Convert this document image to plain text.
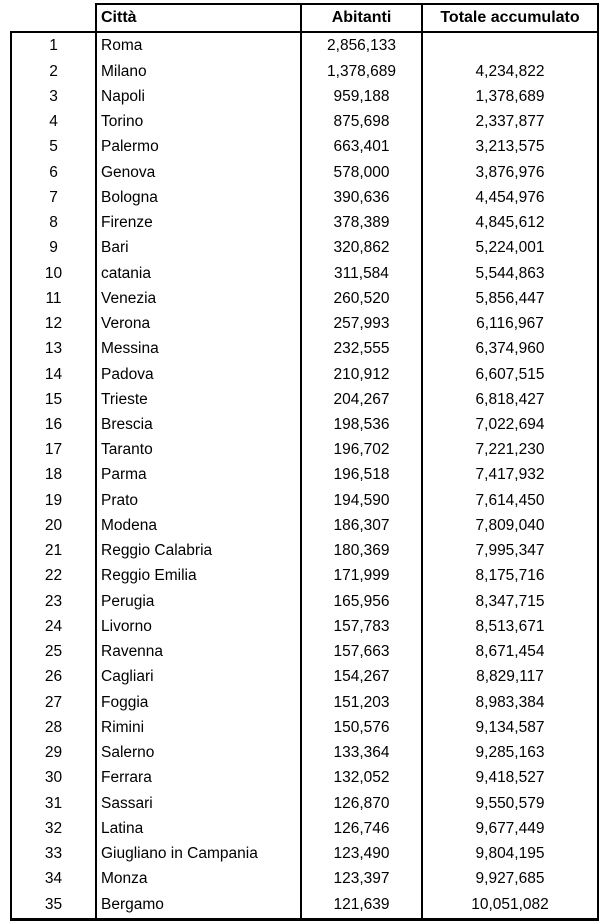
	Città	Abitanti	Totale accumulato
1	Roma	2,856,133	
2	Milano	1,378,689	4,234,822
3	Napoli	959,188	1,378,689
4	Torino	875,698	2,337,877
5	Palermo	663,401	3,213,575
6	Genova	578,000	3,876,976
7	Bologna	390,636	4,454,976
8	Firenze	378,389	4,845,612
9	Bari	320,862	5,224,001
10	catania	311,584	5,544,863
11	Venezia	260,520	5,856,447
12	Verona	257,993	6,116,967
13	Messina	232,555	6,374,960
14	Padova	210,912	6,607,515
15	Trieste	204,267	6,818,427
16	Brescia	198,536	7,022,694
17	Taranto	196,702	7,221,230
18	Parma	196,518	7,417,932
19	Prato	194,590	7,614,450
20	Modena	186,307	7,809,040
21	Reggio Calabria	180,369	7,995,347
22	Reggio Emilia	171,999	8,175,716
23	Perugia	165,956	8,347,715
24	Livorno	157,783	8,513,671
25	Ravenna	157,663	8,671,454
26	Cagliari	154,267	8,829,117
27	Foggia	151,203	8,983,384
28	Rimini	150,576	9,134,587
29	Salerno	133,364	9,285,163
30	Ferrara	132,052	9,418,527
31	Sassari	126,870	9,550,579
32	Latina	126,746	9,677,449
33	Giugliano in Campania	123,490	9,804,195
34	Monza	123,397	9,927,685
35	Bergamo	121,639	10,051,082
